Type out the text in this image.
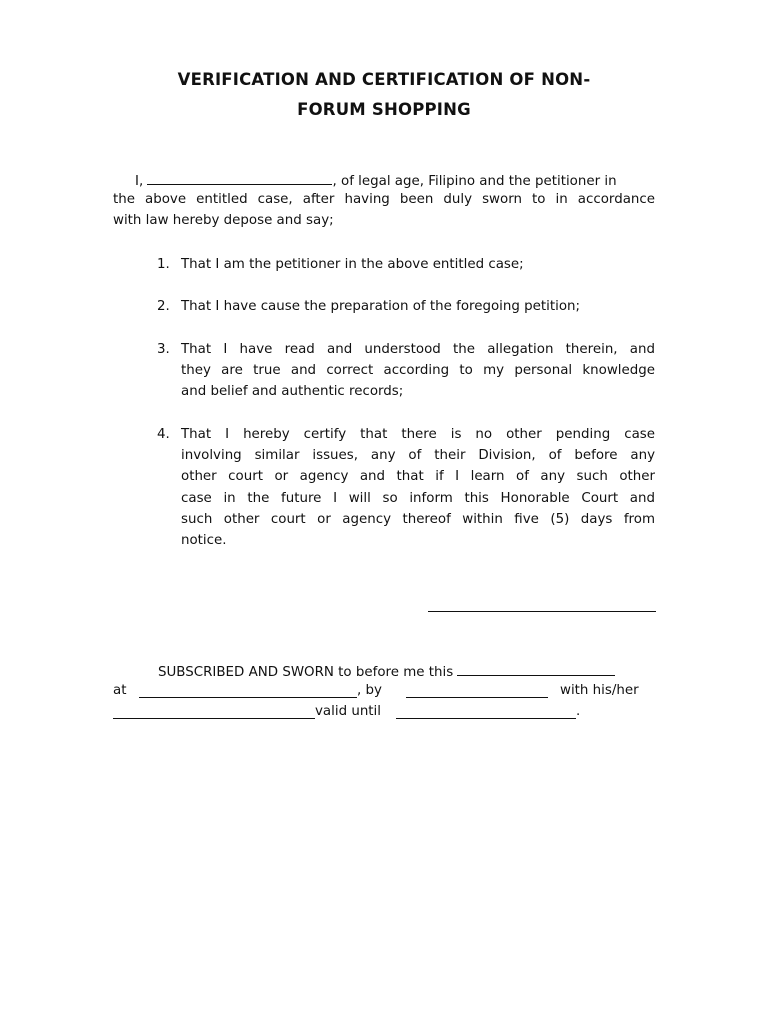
VERIFICATION AND CERTIFICATION OF NON-
FORUM SHOPPING

I,	, of legal age, Filipino and the petitioner in

the above entitled case, after having been duly sworn to in accordance

with law hereby depose and say;

1. That I am the petitioner in the above entitled case;

2. That I have cause the preparation of the foregoing petition;

3. That I have read and understood the allegation therein, and

they are true and correct according to my personal knowledge

and belief and authentic records;

4. That I hereby certify that there is no other pending case

involving similar issues, any of their Division, of before any

other court or agency and that if I learn of any such other

case in the future I will so inform this Honorable Court and

such other court or agency thereof within five (5) days from

notice.

SUBSCRIBED AND SWORN to before me this

at	, by	with his/her

valid until	.
